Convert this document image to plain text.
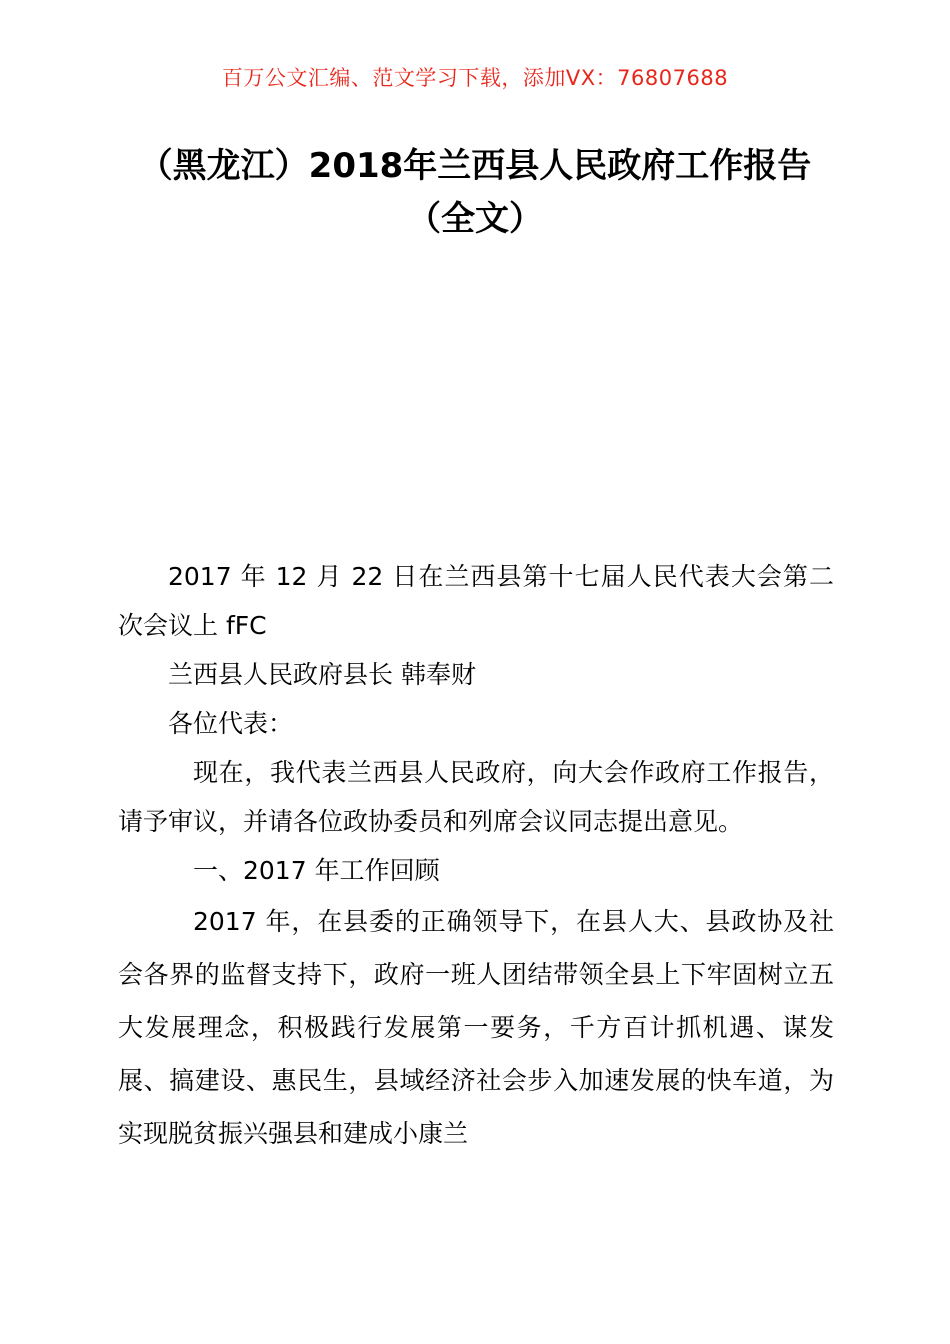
百万公文汇编、范文学习下载，添加VX：76807688
（黑龙江）2018年兰西县人民政府工作报告（全文）

2017 年 12 月 22 日在兰西县第十七届人民代表大会第二次会议上 fFC

兰西县人民政府县长 韩奉财

各位代表：

现在，我代表兰西县人民政府，向大会作政府工作报告，请予审议，并请各位政协委员和列席会议同志提出意见。

一、2017 年工作回顾

2017 年，在县委的正确领导下，在县人大、县政协及社会各界的监督支持下，政府一班人团结带领全县上下牢固树立五大发展理念，积极践行发展第一要务，千方百计抓机遇、谋发展、搞建设、惠民生，县域经济社会步入加速发展的快车道，为实现脱贫振兴强县和建成小康兰
